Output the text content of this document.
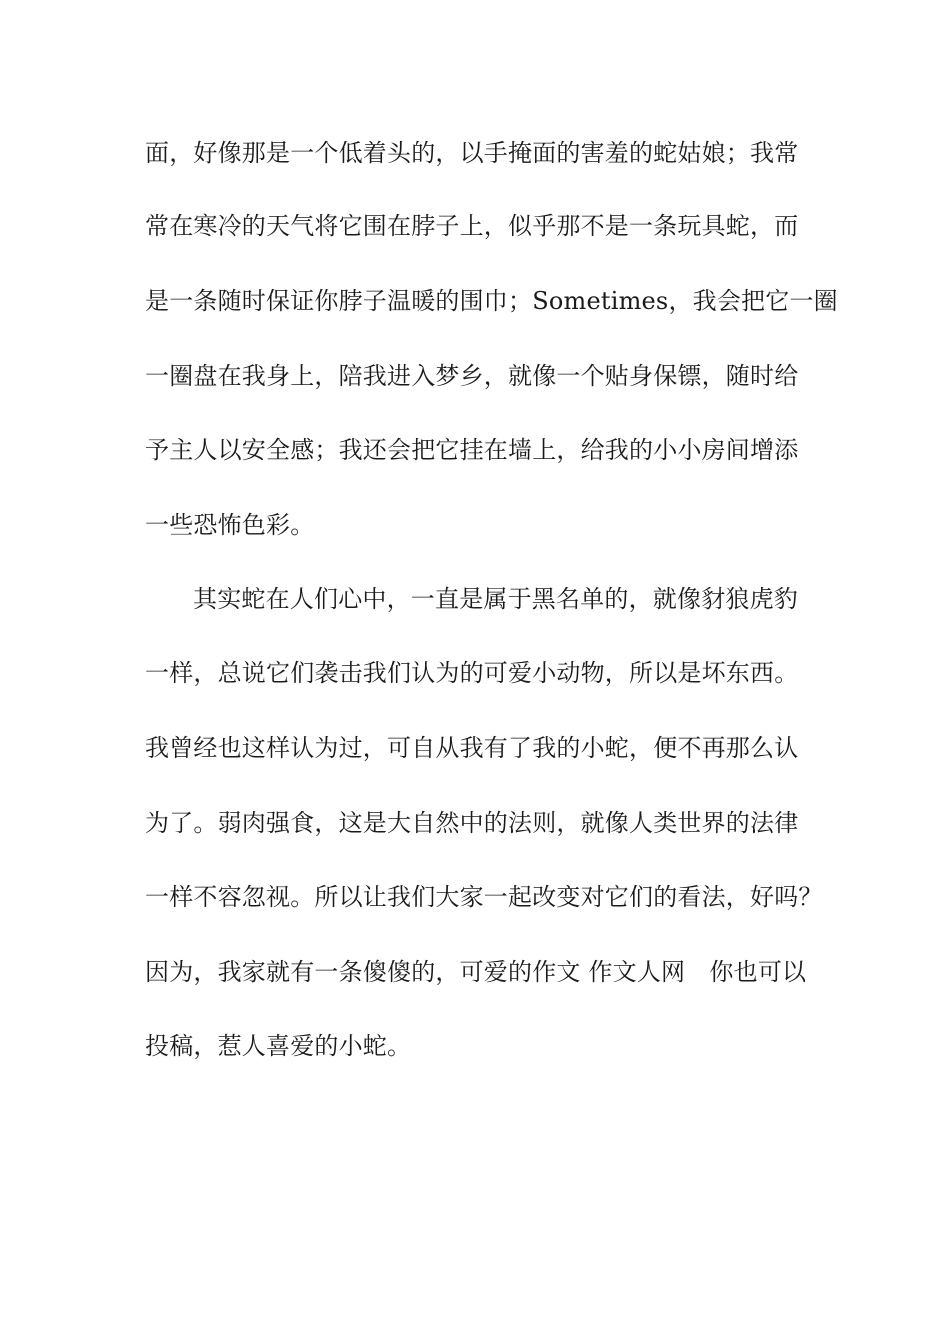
面，好像那是一个低着头的，以手掩面的害羞的蛇姑娘；我常
常在寒冷的天气将它围在脖子上，似乎那不是一条玩具蛇，而
是一条随时保证你脖子温暖的围巾；Sometimes，我会把它一圈
一圈盘在我身上，陪我进入梦乡，就像一个贴身保镖，随时给
予主人以安全感；我还会把它挂在墙上，给我的小小房间增添
一些恐怖色彩。
其实蛇在人们心中，一直是属于黑名单的，就像豺狼虎豹
一样，总说它们袭击我们认为的可爱小动物，所以是坏东西。
我曾经也这样认为过，可自从我有了我的小蛇，便不再那么认
为了。弱肉强食，这是大自然中的法则，就像人类世界的法律
一样不容忽视。所以让我们大家一起改变对它们的看法，好吗？
因为，我家就有一条傻傻的，可爱的作文 作文人网　你也可以
投稿，惹人喜爱的小蛇。
